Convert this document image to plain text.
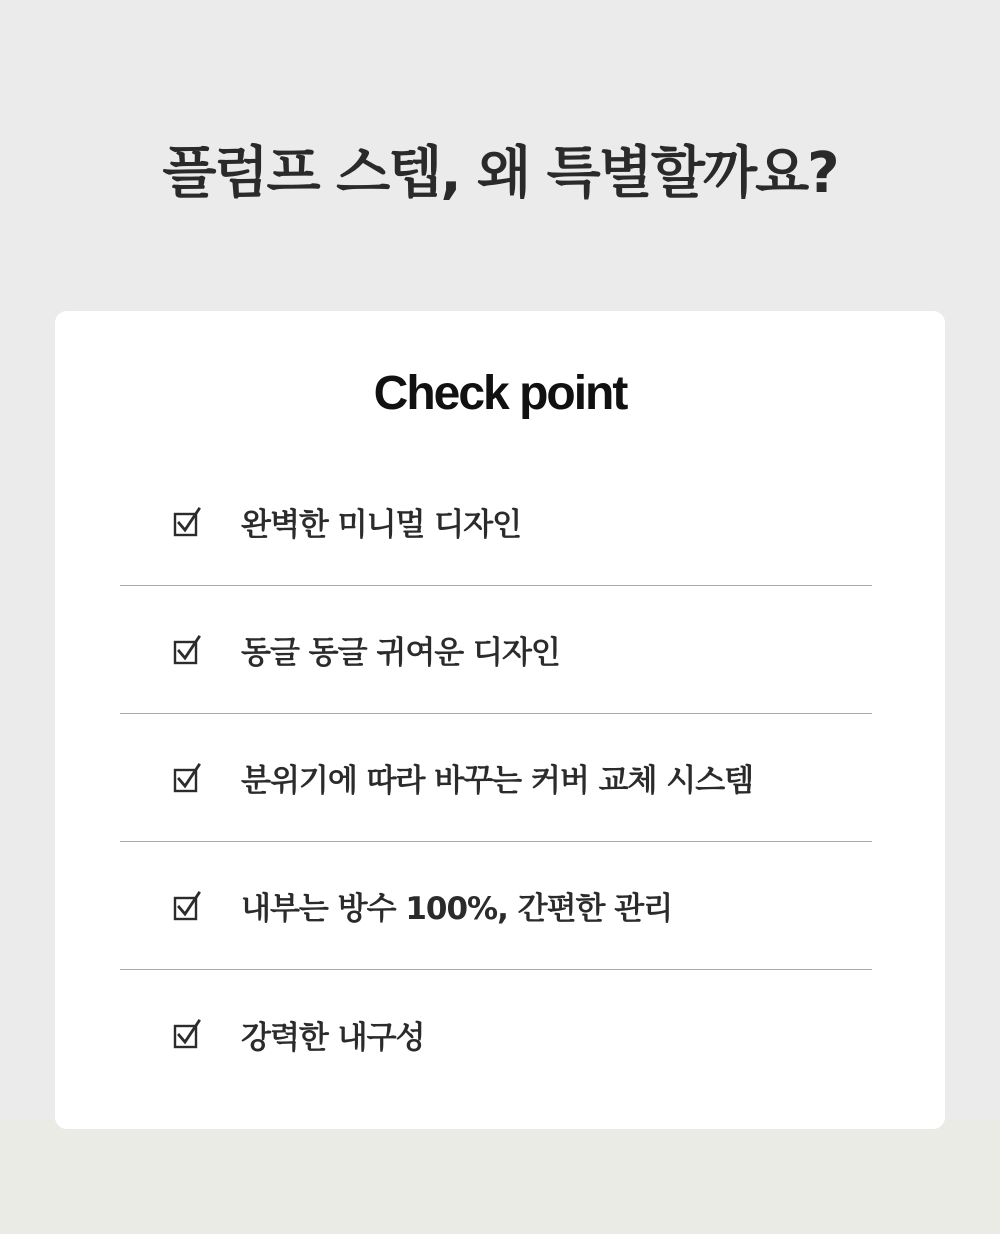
플럼프 스텝, 왜 특별할까요?
Check point
완벽한 미니멀 디자인
동글 동글 귀여운 디자인
분위기에 따라 바꾸는 커버 교체 시스템
내부는 방수 100%, 간편한 관리
강력한 내구성
